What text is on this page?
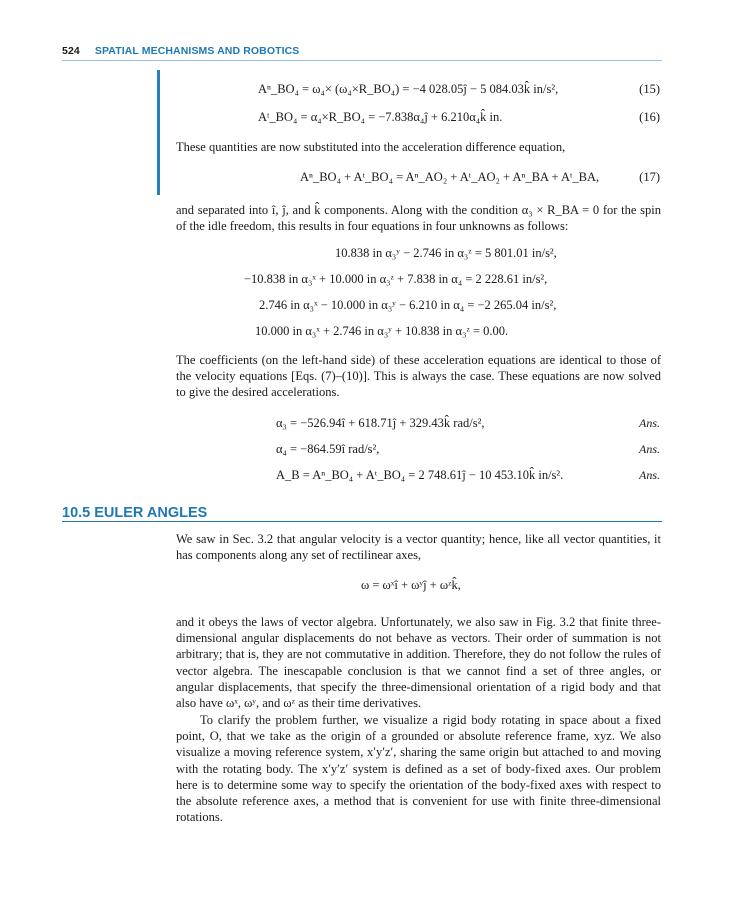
524 SPATIAL MECHANISMS AND ROBOTICS
Aⁿ_BO₄ = ω₄× (ω₄×R_BO₄) = −4 028.05ĵ − 5 084.03k̂ in/s²,	(15)
Aᵗ_BO₄ = α₄×R_BO₄ = −7.838α₄ĵ + 6.210α₄k̂ in.	(16)
These quantities are now substituted into the acceleration difference equation,
Aⁿ_BO₄ + Aᵗ_BO₄ = Aⁿ_AO₂ + Aᵗ_AO₂ + Aⁿ_BA + Aᵗ_BA,	(17)
and separated into î, ĵ, and k̂ components. Along with the condition α₃ × R_BA = 0 for the spin of the idle freedom, this results in four equations in four unknowns as follows:
10.838 in α₃ʸ − 2.746 in α₃ᶻ = 5 801.01 in/s²,
−10.838 in α₃ˣ + 10.000 in α₃ᶻ + 7.838 in α₄ = 2 228.61 in/s²,
2.746 in α₃ˣ − 10.000 in α₃ʸ − 6.210 in α₄ = −2 265.04 in/s²,
10.000 in α₃ˣ + 2.746 in α₃ʸ + 10.838 in α₃ᶻ = 0.00.
The coefficients (on the left-hand side) of these acceleration equations are identical to those of the velocity equations [Eqs. (7)–(10)]. This is always the case. These equations are now solved to give the desired accelerations.
α₃ = −526.94î + 618.71ĵ + 329.43k̂ rad/s²,	Ans.
α₄ = −864.59î rad/s²,	Ans.
A_B = Aⁿ_BO₄ + Aᵗ_BO₄ = 2 748.61ĵ − 10 453.10k̂ in/s².	Ans.
10.5 EULER ANGLES
We saw in Sec. 3.2 that angular velocity is a vector quantity; hence, like all vector quantities, it has components along any set of rectilinear axes,
ω = ωˣî + ωʸĵ + ωᶻk̂,
and it obeys the laws of vector algebra. Unfortunately, we also saw in Fig. 3.2 that finite three-dimensional angular displacements do not behave as vectors. Their order of summation is not arbitrary; that is, they are not commutative in addition. Therefore, they do not follow the rules of vector algebra. The inescapable conclusion is that we cannot find a set of three angles, or angular displacements, that specify the three-dimensional orientation of a rigid body and that also have ωˣ, ωʸ, and ωᶻ as their time derivatives.
To clarify the problem further, we visualize a rigid body rotating in space about a fixed point, O, that we take as the origin of a grounded or absolute reference frame, xyz. We also visualize a moving reference system, x′y′z′, sharing the same origin but attached to and moving with the rotating body. The x′y′z′ system is defined as a set of body-fixed axes. Our problem here is to determine some way to specify the orientation of the body-fixed axes with respect to the absolute reference axes, a method that is convenient for use with finite three-dimensional rotations.
